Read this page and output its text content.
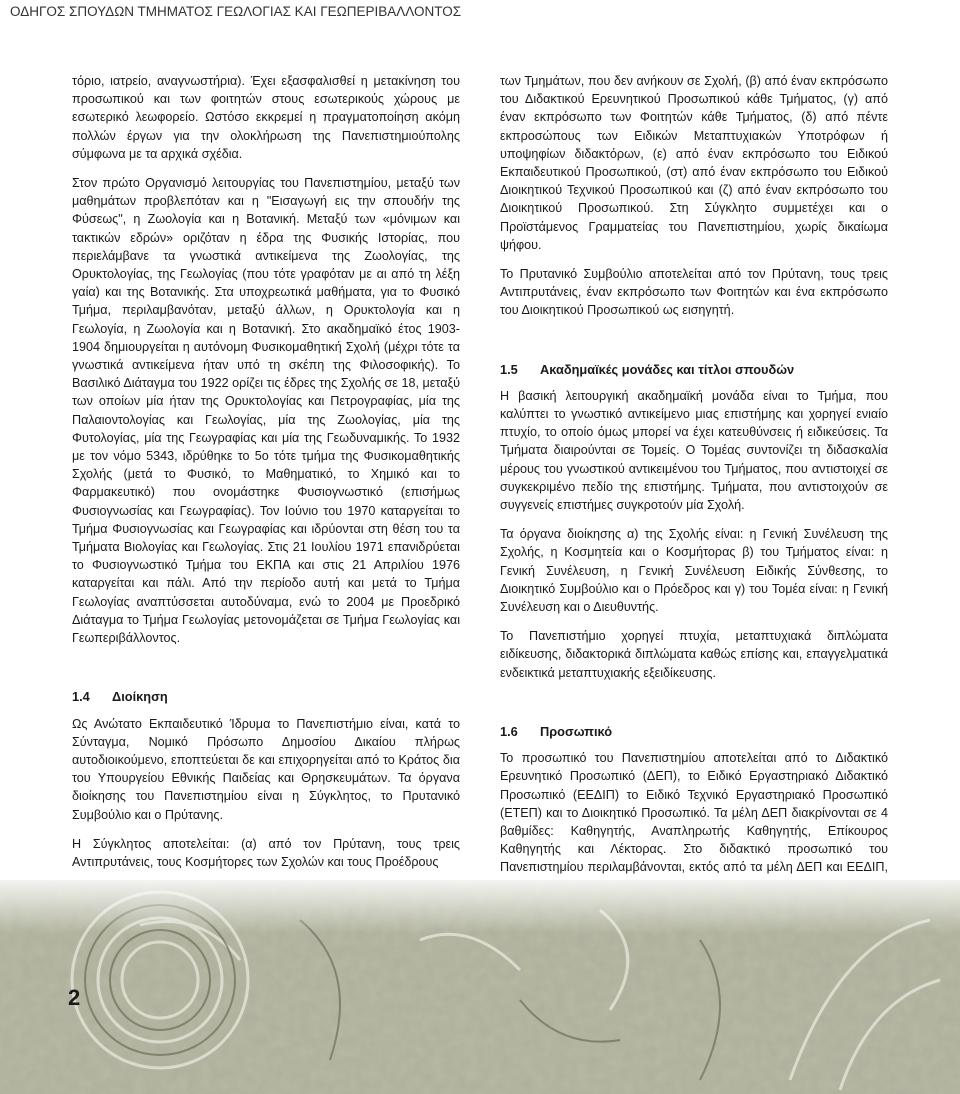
ΟΔΗΓΟΣ ΣΠΟΥΔΩΝ ΤΜΗΜΑΤΟΣ ΓΕΩΛΟΓΙΑΣ ΚΑΙ ΓΕΩΠΕΡΙΒΑΛΛΟΝΤΟΣ

τόριο, ιατρείο, αναγνωστήρια). Έχει εξασφαλισθεί η μετακίνηση του προσωπικού και των φοιτητών στους εσωτερικούς χώρους με εσωτερικό λεωφορείο. Ωστόσο εκκρεμεί η πραγματοποίηση ακόμη πολλών έργων για την ολοκλήρωση της Πανεπιστημιούπολης σύμφωνα με τα αρχικά σχέδια.

Στον πρώτο Οργανισμό λειτουργίας του Πανεπιστημίου, μεταξύ των μαθημάτων προβλεπόταν και η "Εισαγωγή εις την σπουδήν της Φύσεως", η Ζωολογία και η Βοτανική. Μεταξύ των «μόνιμων και τακτικών εδρών» οριζόταν η έδρα της Φυσικής Ιστορίας, που περιελάμβανε τα γνωστικά αντικείμενα της Ζωολογίας, της Ορυκτολογίας, της Γεωλογίας (που τότε γραφόταν με αι από τη λέξη γαία) και της Βοτανικής. Στα υποχρεωτικά μαθήματα, για το Φυσικό Τμήμα, περιλαμβανόταν, μεταξύ άλλων, η Ορυκτολογία και η Γεωλογία, η Ζωολογία και η Βοτανική. Στο ακαδημαϊκό έτος 1903-1904 δημιουργείται η αυτόνομη Φυσικομαθητική Σχολή (μέχρι τότε τα γνωστικά αντικείμενα ήταν υπό τη σκέπη της Φιλοσοφικής). Το Βασιλικό Διάταγμα του 1922 ορίζει τις έδρες της Σχολής σε 18, μεταξύ των οποίων μία ήταν της Ορυκτολογίας και Πετρογραφίας, μία της Παλαιοντολογίας και Γεωλογίας, μία της Ζωολογίας, μία της Φυτολογίας, μία της Γεωγραφίας και μία της Γεωδυναμικής. Το 1932 με τον νόμο 5343, ιδρύθηκε το 5ο τότε τμήμα της Φυσικομαθητικής Σχολής (μετά το Φυσικό, το Μαθηματικό, το Χημικό και το Φαρμακευτικό) που ονομάστηκε Φυσιογνωστικό (επισήμως Φυσιογνωσίας και Γεωγραφίας). Τον Ιούνιο του 1970 καταργείται το Τμήμα Φυσιογνωσίας και Γεωγραφίας και ιδρύονται στη θέση του τα Τμήματα Βιολογίας και Γεωλογίας. Στις 21 Ιουλίου 1971 επανιδρύεται το Φυσιογνωστικό Τμήμα του ΕΚΠΑ και στις 21 Απριλίου 1976 καταργείται και πάλι. Από την περίοδο αυτή και μετά το Τμήμα Γεωλογίας αναπτύσσεται αυτοδύναμα, ενώ το 2004 με Προεδρικό Διάταγμα το Τμήμα Γεωλογίας μετονομάζεται σε Τμήμα Γεωλογίας και Γεωπεριβάλλοντος.

1.4	Διοίκηση

Ως Ανώτατο Εκπαιδευτικό Ίδρυμα το Πανεπιστήμιο είναι, κατά το Σύνταγμα, Νομικό Πρόσωπο Δημοσίου Δικαίου πλήρως αυτοδιοικούμενο, εποπτεύεται δε και επιχορηγείται από το Κράτος δια του Υπουργείου Εθνικής Παιδείας και Θρησκευμάτων. Τα όργανα διοίκησης του Πανεπιστημίου είναι η Σύγκλητος, το Πρυτανικό Συμβούλιο και ο Πρύτανης.

Η Σύγκλητος αποτελείται: (α) από τον Πρύτανη, τους τρεις Αντιπρυτάνεις, τους Κοσμήτορες των Σχολών και τους Προέδρους

των Τμημάτων, που δεν ανήκουν σε Σχολή, (β) από έναν εκπρόσωπο του Διδακτικού Ερευνητικού Προσωπικού κάθε Τμήματος, (γ) από έναν εκπρόσωπο των Φοιτητών κάθε Τμήματος, (δ) από πέντε εκπροσώπους των Ειδικών Μεταπτυχιακών Υποτρόφων ή υποψηφίων διδακτόρων, (ε) από έναν εκπρόσωπο του Ειδικού Εκπαιδευτικού Προσωπικού, (στ) από έναν εκπρόσωπο του Ειδικού Διοικητικού Τεχνικού Προσωπικού και (ζ) από έναν εκπρόσωπο του Διοικητικού Προσωπικού. Στη Σύγκλητο συμμετέχει και ο Προϊστάμενος Γραμματείας του Πανεπιστημίου, χωρίς δικαίωμα ψήφου.

Το Πρυτανικό Συμβούλιο αποτελείται από τον Πρύτανη, τους τρεις Αντιπρυτάνεις, έναν εκπρόσωπο των Φοιτητών και ένα εκπρόσωπο του Διοικητικού Προσωπικού ως εισηγητή.

1.5	Ακαδημαϊκές μονάδες και τίτλοι σπουδών

Η βασική λειτουργική ακαδημαϊκή μονάδα είναι το Τμήμα, που καλύπτει το γνωστικό αντικείμενο μιας επιστήμης και χορηγεί ενιαίο πτυχίο, το οποίο όμως μπορεί να έχει κατευθύνσεις ή ειδικεύσεις. Τα Τμήματα διαιρούνται σε Τομείς. Ο Τομέας συντονίζει τη διδασκαλία μέρους του γνωστικού αντικειμένου του Τμήματος, που αντιστοιχεί σε συγκεκριμένο πεδίο της επιστήμης. Τμήματα, που αντιστοιχούν σε συγγενείς επιστήμες συγκροτούν μία Σχολή.

Τα όργανα διοίκησης α) της Σχολής είναι: η Γενική Συνέλευση της Σχολής, η Κοσμητεία και ο Κοσμήτορας β) του Τμήματος είναι: η Γενική Συνέλευση, η Γενική Συνέλευση Ειδικής Σύνθεσης, το Διοικητικό Συμβούλιο και ο Πρόεδρος και γ) του Τομέα είναι: η Γενική Συνέλευση και ο Διευθυντής.

Το Πανεπιστήμιο χορηγεί πτυχία, μεταπτυχιακά διπλώματα ειδίκευσης, διδακτορικά διπλώματα καθώς επίσης και, επαγγελματικά ενδεικτικά μεταπτυχιακής εξειδίκευσης.

1.6	Προσωπικό

Το προσωπικό του Πανεπιστημίου αποτελείται από το Διδακτικό Ερευνητικό Προσωπικό (ΔΕΠ), το Ειδικό Εργαστηριακό Διδακτικό Προσωπικό (ΕΕΔΙΠ) το Ειδικό Τεχνικό Εργαστηριακό Προσωπικό (ΕΤΕΠ) και το Διοικητικό Προσωπικό. Τα μέλη ΔΕΠ διακρίνονται σε 4 βαθμίδες: Καθηγητής, Αναπληρωτής Καθηγητής, Επίκουρος Καθηγητής και Λέκτορας. Στο διδακτικό προσωπικό του Πανεπιστημίου περιλαμβάνονται, εκτός από τα μέλη ΔΕΠ και ΕΕΔΙΠ,

2
